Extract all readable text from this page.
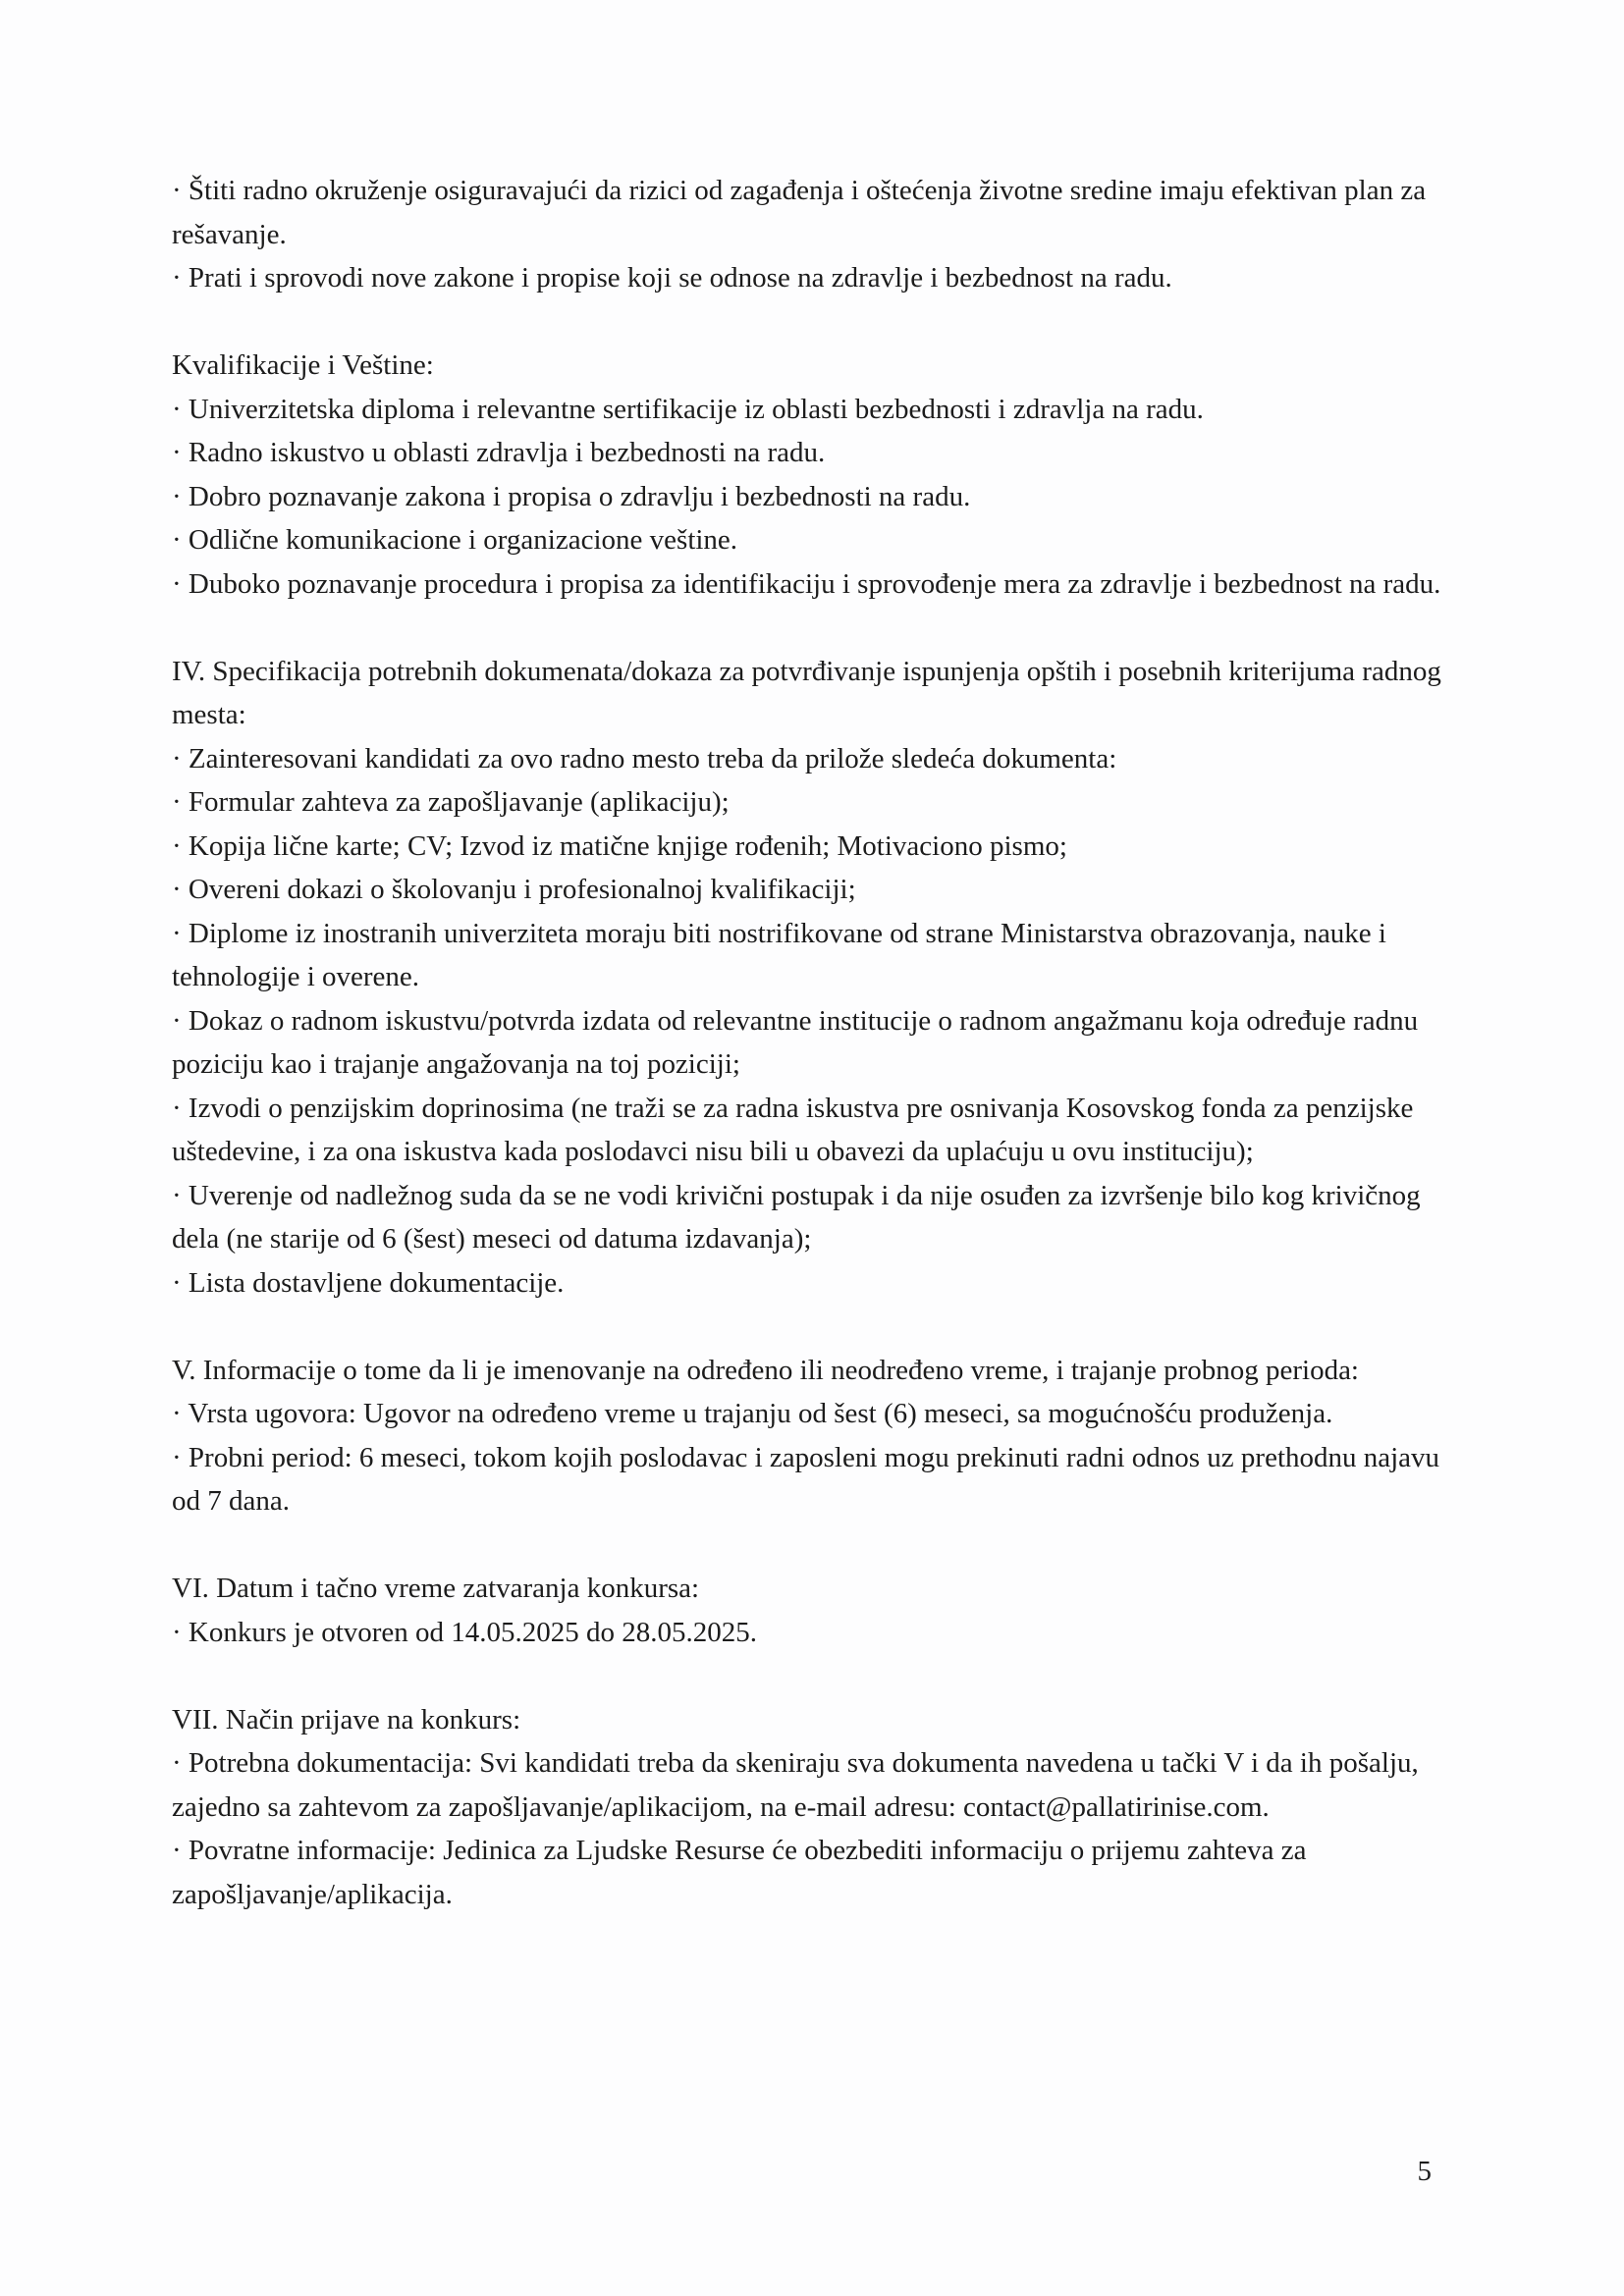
· Štiti radno okruženje osiguravajući da rizici od zagađenja i oštećenja životne sredine imaju efektivan plan za rešavanje.

· Prati i sprovodi nove zakone i propise koji se odnose na zdravlje i bezbednost na radu.

Kvalifikacije i Veštine:

· Univerzitetska diploma i relevantne sertifikacije iz oblasti bezbednosti i zdravlja na radu.

· Radno iskustvo u oblasti zdravlja i bezbednosti na radu.

· Dobro poznavanje zakona i propisa o zdravlju i bezbednosti na radu.

· Odlične komunikacione i organizacione veštine.

· Duboko poznavanje procedura i propisa za identifikaciju i sprovođenje mera za zdravlje i bezbednost na radu.

IV. Specifikacija potrebnih dokumenata/dokaza za potvrđivanje ispunjenja opštih i posebnih kriterijuma radnog mesta:

· Zainteresovani kandidati za ovo radno mesto treba da prilože sledeća dokumenta:

· Formular zahteva za zapošljavanje (aplikaciju);

· Kopija lične karte; CV; Izvod iz matične knjige rođenih; Motivaciono pismo;

· Overeni dokazi o školovanju i profesionalnoj kvalifikaciji;

· Diplome iz inostranih univerziteta moraju biti nostrifikovane od strane Ministarstva obrazovanja, nauke i tehnologije i overene.

· Dokaz o radnom iskustvu/potvrda izdata od relevantne institucije o radnom angažmanu koja određuje radnu poziciju kao i trajanje angažovanja na toj poziciji;

· Izvodi o penzijskim doprinosima (ne traži se za radna iskustva pre osnivanja Kosovskog fonda za penzijske uštedevine, i za ona iskustva kada poslodavci nisu bili u obavezi da uplaćuju u ovu instituciju);

· Uverenje od nadležnog suda da se ne vodi krivični postupak i da nije osuđen za izvršenje bilo kog krivičnog dela (ne starije od 6 (šest) meseci od datuma izdavanja);

· Lista dostavljene dokumentacije.

V. Informacije o tome da li je imenovanje na određeno ili neodređeno vreme, i trajanje probnog perioda:

· Vrsta ugovora: Ugovor na određeno vreme u trajanju od šest (6) meseci, sa mogućnošću produženja.

· Probni period: 6 meseci, tokom kojih poslodavac i zaposleni mogu prekinuti radni odnos uz prethodnu najavu od 7 dana.

VI. Datum i tačno vreme zatvaranja konkursa:

· Konkurs je otvoren od 14.05.2025 do 28.05.2025.

VII. Način prijave na konkurs:

· Potrebna dokumentacija: Svi kandidati treba da skeniraju sva dokumenta navedena u tački V i da ih pošalju, zajedno sa zahtevom za zapošljavanje/aplikacijom, na e-mail adresu: contact@pallatirinise.com.

· Povratne informacije: Jedinica za Ljudske Resurse će obezbediti informaciju o prijemu zahteva za zapošljavanje/aplikacija.

5
